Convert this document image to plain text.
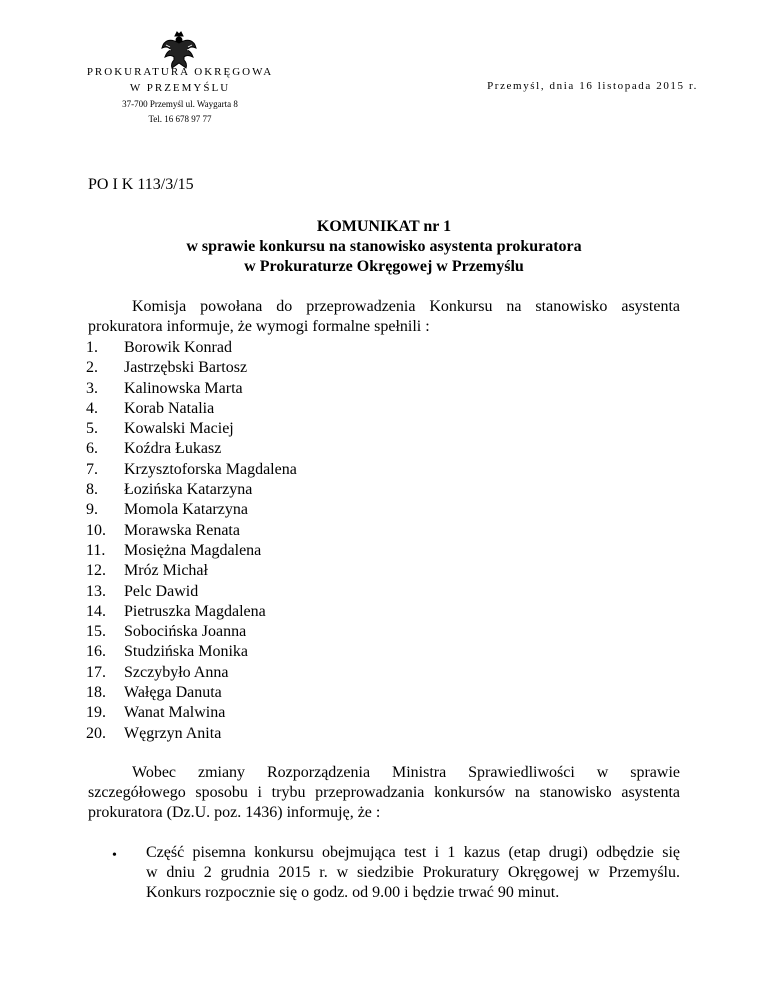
PROKURATURA OKRĘGOWA
W PRZEMYŚLU
37-700 Przemyśl ul. Waygarta 8
Tel. 16 678 97 77
Przemyśl, dnia 16 listopada 2015 r.
PO I K 113/3/15
KOMUNIKAT nr 1
w sprawie konkursu na stanowisko asystenta prokuratora
w Prokuraturze Okręgowej w Przemyślu
Komisja powołana do przeprowadzenia Konkursu na stanowisko asystenta
prokuratora informuje, że wymogi formalne spełnili :
1.	Borowik Konrad
2.	Jastrzębski Bartosz
3.	Kalinowska Marta
4.	Korab Natalia
5.	Kowalski Maciej
6.	Koźdra Łukasz
7.	Krzysztoforska Magdalena
8.	Łozińska Katarzyna
9.	Momola Katarzyna
10.	Morawska Renata
11.	Mosiężna Magdalena
12.	Mróz Michał
13.	Pelc Dawid
14.	Pietruszka Magdalena
15.	Sobocińska Joanna
16.	Studzińska Monika
17.	Szczybyło Anna
18.	Wałęga Danuta
19.	Wanat Malwina
20.	Węgrzyn Anita
Wobec zmiany Rozporządzenia Ministra Sprawiedliwości w sprawie
szczegółowego sposobu i trybu przeprowadzania konkursów na stanowisko asystenta
prokuratora (Dz.U. poz. 1436) informuję, że :
• Część pisemna konkursu obejmująca test i 1 kazus (etap drugi) odbędzie się
w dniu 2 grudnia 2015 r. w siedzibie Prokuratury Okręgowej w Przemyślu.
Konkurs rozpocznie się o godz. od 9.00 i będzie trwać 90 minut.
